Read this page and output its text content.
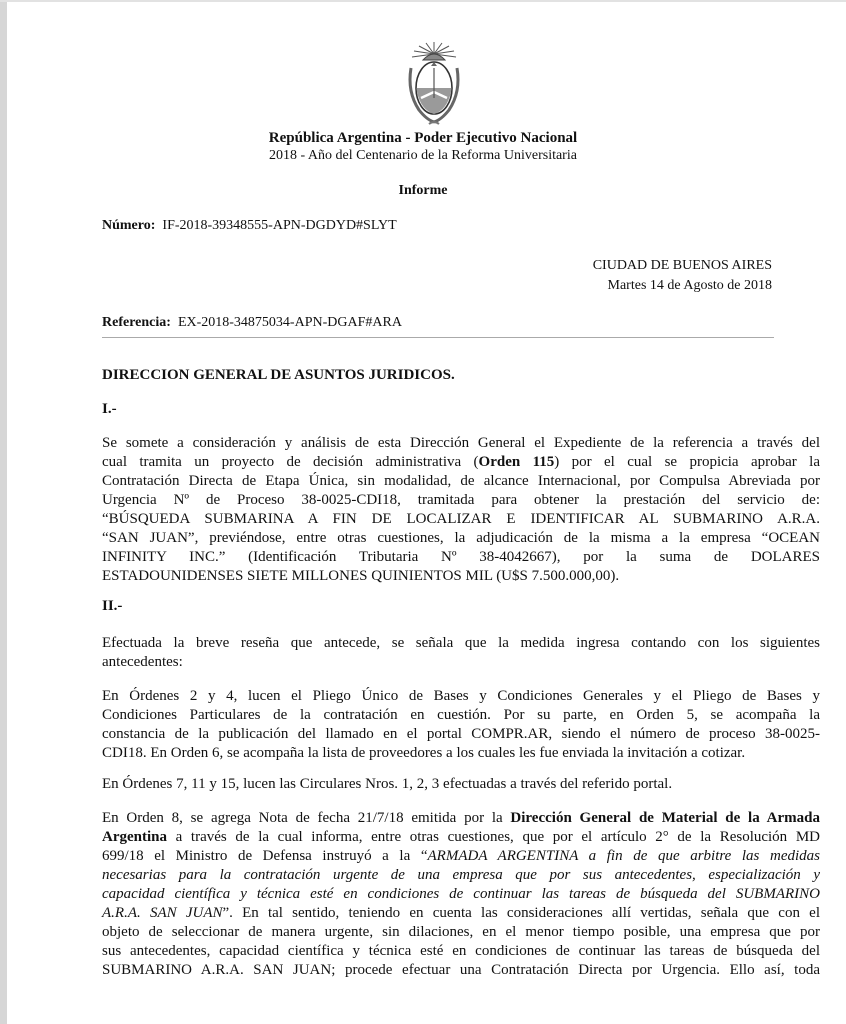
República Argentina - Poder Ejecutivo Nacional
2018 - Año del Centenario de la Reforma Universitaria
Informe
Número: IF-2018-39348555-APN-DGDYD#SLYT
CIUDAD DE BUENOS AIRES
Martes 14 de Agosto de 2018
Referencia: EX-2018-34875034-APN-DGAF#ARA
DIRECCION GENERAL DE ASUNTOS JURIDICOS.
I.-
Se somete a consideración y análisis de esta Dirección General el Expediente de la referencia a través del
cual tramita un proyecto de decisión administrativa (Orden 115) por el cual se propicia aprobar la
Contratación Directa de Etapa Única, sin modalidad, de alcance Internacional, por Compulsa Abreviada por
Urgencia Nº de Proceso 38-0025-CDI18, tramitada para obtener la prestación del servicio de:
“BÚSQUEDA SUBMARINA A FIN DE LOCALIZAR E IDENTIFICAR AL SUBMARINO A.R.A.
“SAN JUAN”, previéndose, entre otras cuestiones, la adjudicación de la misma a la empresa “OCEAN
INFINITY INC.” (Identificación Tributaria Nº 38-4042667), por la suma de DOLARES
ESTADOUNIDENSES SIETE MILLONES QUINIENTOS MIL (U$S 7.500.000,00).
II.-
Efectuada la breve reseña que antecede, se señala que la medida ingresa contando con los siguientes
antecedentes:
En Órdenes 2 y 4, lucen el Pliego Único de Bases y Condiciones Generales y el Pliego de Bases y
Condiciones Particulares de la contratación en cuestión. Por su parte, en Orden 5, se acompaña la
constancia de la publicación del llamado en el portal COMPR.AR, siendo el número de proceso 38-0025-
CDI18. En Orden 6, se acompaña la lista de proveedores a los cuales les fue enviada la invitación a cotizar.
En Órdenes 7, 11 y 15, lucen las Circulares Nros. 1, 2, 3 efectuadas a través del referido portal.
En Orden 8, se agrega Nota de fecha 21/7/18 emitida por la Dirección General de Material de la Armada
Argentina a través de la cual informa, entre otras cuestiones, que por el artículo 2° de la Resolución MD
699/18 el Ministro de Defensa instruyó a la “ARMADA ARGENTINA a fin de que arbitre las medidas
necesarias para la contratación urgente de una empresa que por sus antecedentes, especialización y
capacidad científica y técnica esté en condiciones de continuar las tareas de búsqueda del SUBMARINO
A.R.A. SAN JUAN”. En tal sentido, teniendo en cuenta las consideraciones allí vertidas, señala que con el
objeto de seleccionar de manera urgente, sin dilaciones, en el menor tiempo posible, una empresa que por
sus antecedentes, capacidad científica y técnica esté en condiciones de continuar las tareas de búsqueda del
SUBMARINO A.R.A. SAN JUAN; procede efectuar una Contratación Directa por Urgencia. Ello así, toda
